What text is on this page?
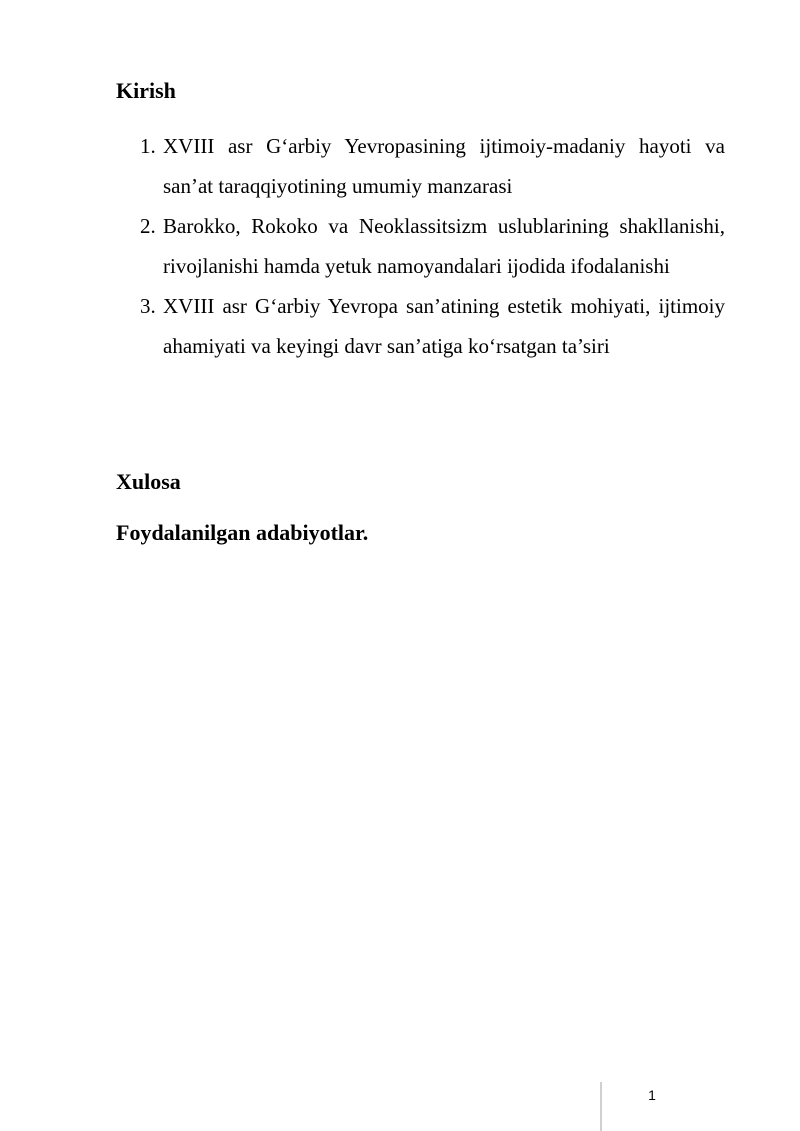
Kirish

1. XVIII asr G‘arbiy Yevropasining ijtimoiy-madaniy hayoti va san’at taraqqiyotining umumiy manzarasi
2. Barokko, Rokoko va Neoklassitsizm uslublarining shakllanishi, rivojlanishi hamda yetuk namoyandalari ijodida ifodalanishi
3. XVIII asr G‘arbiy Yevropa san’atining estetik mohiyati, ijtimoiy ahamiyati va keyingi davr san’atiga ko‘rsatgan ta’siri

Xulosa

Foydalanilgan adabiyotlar.

1
